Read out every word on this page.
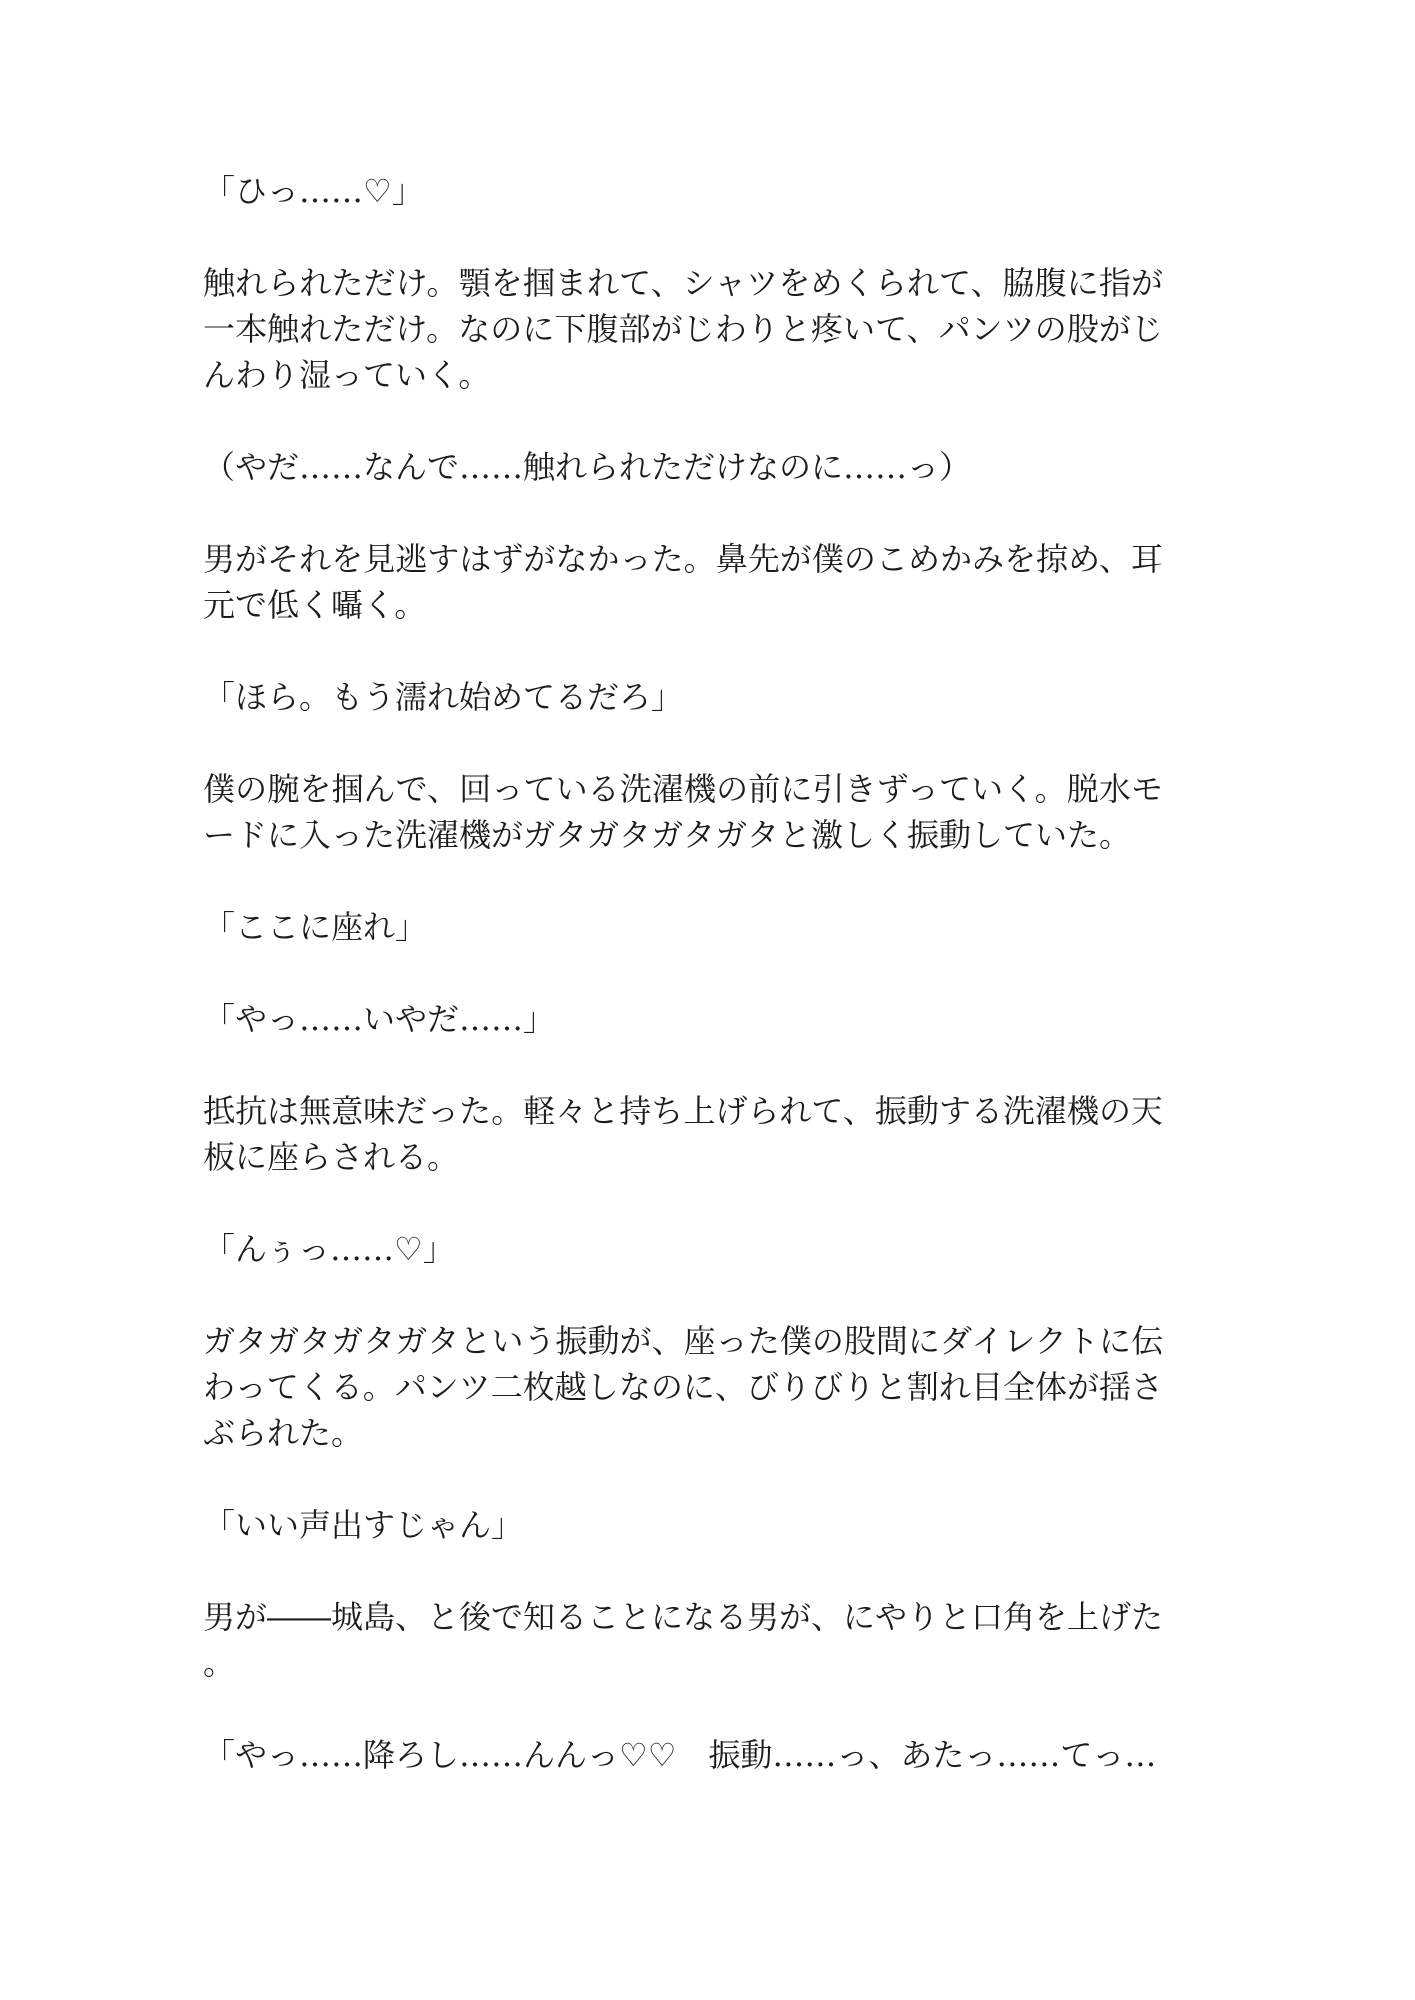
「ひっ……♡」

触れられただけ。顎を掴まれて、シャツをめくられて、脇腹に指が一本触れただけ。なのに下腹部がじわりと疼いて、パンツの股がじんわり湿っていく。

（やだ……なんで……触れられただけなのに……っ）

男がそれを見逃すはずがなかった。鼻先が僕のこめかみを掠め、耳元で低く囁く。

「ほら。もう濡れ始めてるだろ」

僕の腕を掴んで、回っている洗濯機の前に引きずっていく。脱水モードに入った洗濯機がガタガタガタガタと激しく振動していた。

「ここに座れ」

「やっ……いやだ……」

抵抗は無意味だった。軽々と持ち上げられて、振動する洗濯機の天板に座らされる。

「んぅっ……♡」

ガタガタガタガタという振動が、座った僕の股間にダイレクトに伝わってくる。パンツ二枚越しなのに、びりびりと割れ目全体が揺さぶられた。

「いい声出すじゃん」

男が――城島、と後で知ることになる男が、にやりと口角を上げた。

「やっ……降ろし……んんっ♡♡　振動……っ、あたっ……てっ…
